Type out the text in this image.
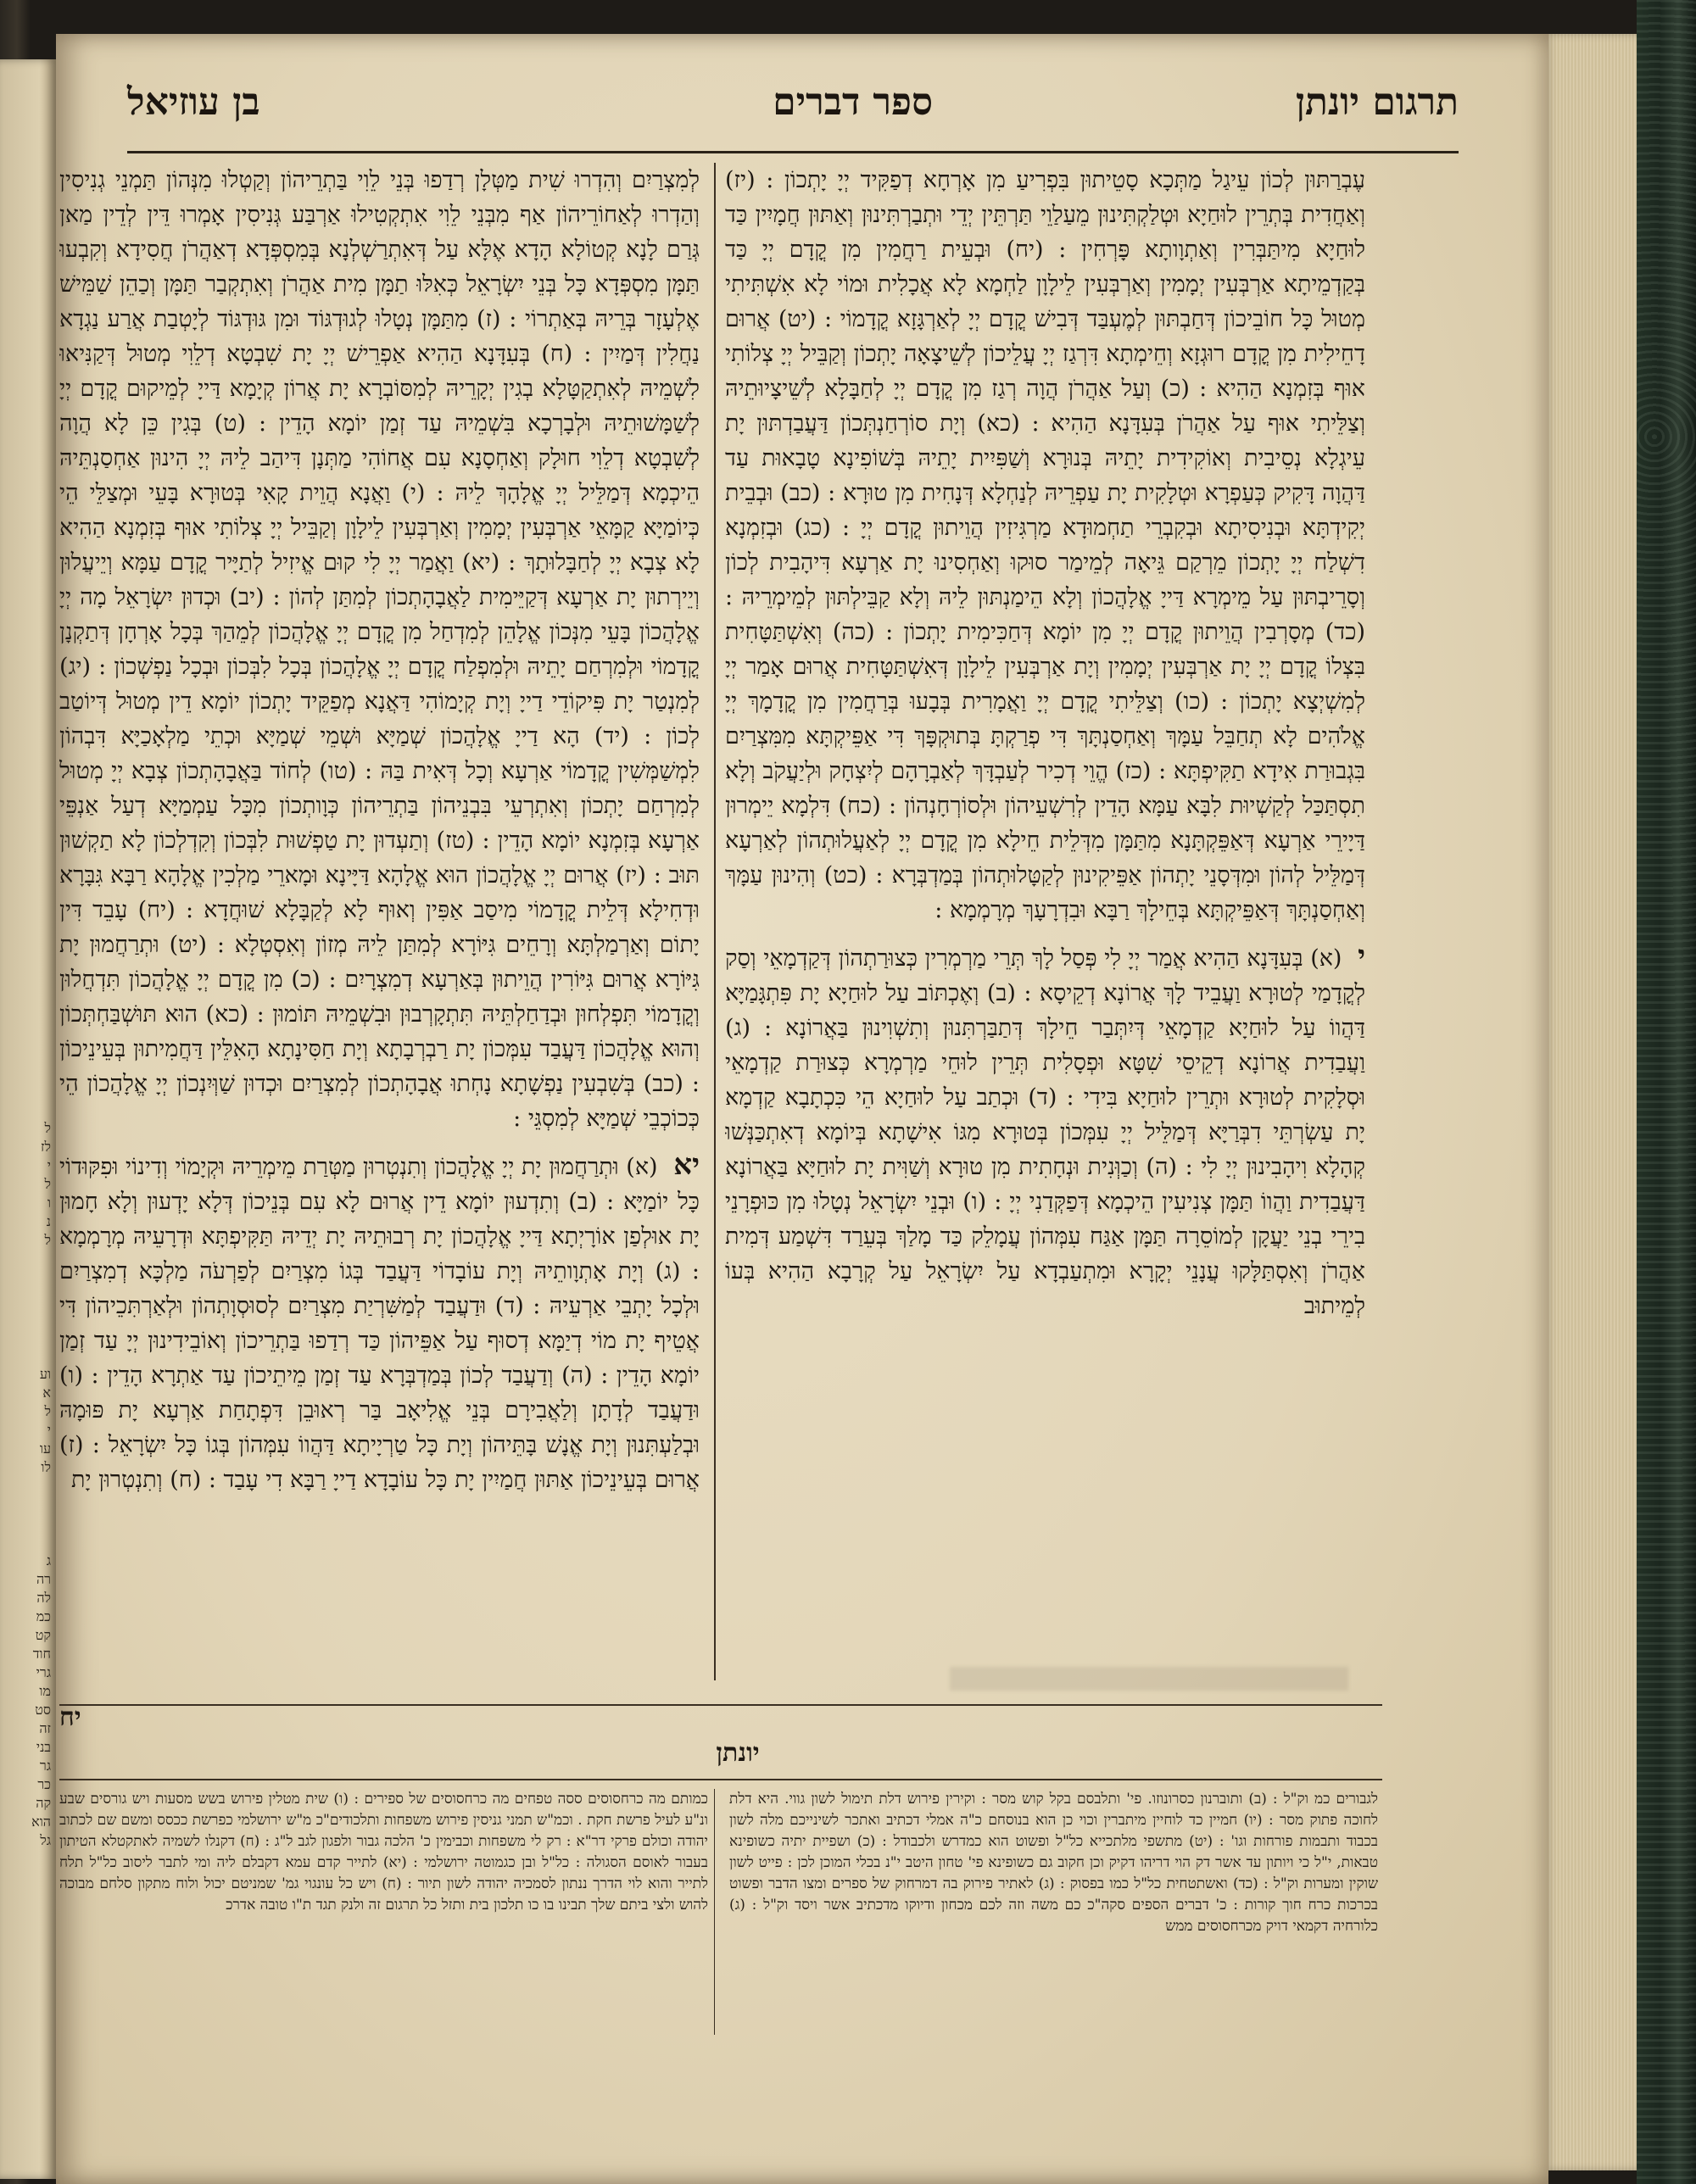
ל
לז
י
ל
ו
נ
ל
וע
א
ל
י
עו
לו
ג
רה
לה
כמ
קט
חוד
גרי
מו
סט
זה
בני
גר
כר
קה
הוא
גל
תרגום יונתן
ספר דברים
בן עוזיאל

עֶבְרַתּוּן לְכוֹן עֵיגַל מַתְּכָא סָטֵיתוּן בִּפְרִיעַ מִן אָרְחָא דְפַקִּיד יְיָ יָתְכוֹן : (יז) וְאַחֲדִית בְּתְרֵין לוּחַיָא וּטְלַקְתִּינוּן מֵעַלַוֵי תַּרְתֵּין יְדֵי וּתְבַרְתִּינוּן וְאַתּוּן חֲמָיִין כַּד לוּחַיָא מִיתַּבְּרִין וְאַתְוָותָא פָּרְחִין : (יח) וּבְעֵית רַחֲמִין מִן קֳדָם יְיָ כַּד בְּקַדְמֵיתָא אַרְבְּעִין יְמָמִין וְאַרְבְּעִין לֵילָוָן לַחְמָא לָא אֲכָלִית וּמוֹי לָא אִשְׁתִּיתִי מְטוּל כָּל חוֹבֵיכוֹן דְּחַבְתּוּן לְמֶעְבַּד דְּבִישׁ קֳדָם יְיָ לְאַרְגָּזָא קֳדָמוֹי : (יט) אֲרוּם דָחֵילִית מִן קֳדָם רוּגְזָא וְחֵימְתָא דִּרְגַז יְיָ עֲלֵיכוֹן לְשֵׁיצָאָה יָתְכוֹן וְקַבֵּיל יְיָ צְלוֹתִי אוּף בְּזִמְנָא הַהִיא : (כ) וְעַל אַהֲרֹן הֲוָה רְגַז מִן קֳדָם יְיָ לְחַבָּלָא לְשֵׁיצָיוּתֵיהּ וְצַלֵּיתִי אוּף עַל אַהֲרֹן בְּעִדָּנָא הַהִיא : (כא) וְיָת סוֹרְחַנְתְּכוֹן דַּעֲבַדְתּוּן יָת עֵיגְלָא נְסֵיבִית וְאוֹקִידִית יָתֵיהּ בְּנוּרָא וְשַׁפִּיִית יָתֵיהּ בְּשׁוֹפִינָא טָבָאוּת עַד דַּהֲוָה דָּקִיק כְּעַפְרָא וּטְלָקִית יָת עַפְרֵיהּ לְנַחְלָא דְּנָחִית מִן טוּרָא : (כב) וּבְבֵית יְקִידְתָּא וּבְנִיסִיתָא וּבְקִבְרֵי תַחְמוּדָא מַרְגִּיזִין הֲוֵיתוּן קֳדָם יְיָ : (כג) וּבְזִמְנָא דִשְׁלַח יְיָ יָתְכוֹן מֵרְקַם גֵּיאָה לְמֵימַר סוּקוּ וְאַחְסִינוּ יָת אַרְעָא דִּיהָבִית לְכוֹן וְסָרֵיבְתּוּן עַל מֵימְרָא דַּייָ אֱלָהֲכוֹן וְלָא הֵימַנְתּוּן לֵיהּ וְלָא קַבֵּילְתּוּן לְמֵימְרֵיהּ : (כד) מְסָרְבִין הֲוֵיתוּן קֳדָם יְיָ מִן יוֹמָא דְּחַכִּימִית יָתְכוֹן : (כה) וְאִשְׁתַּטָּחִית בִּצְלוֹ קֳדָם יְיָ יָת אַרְבְּעִין יְמָמִין וְיָת אַרְבְּעִין לֵילָוָן דְּאִשְׁתַּטָּחִית אֲרוּם אָמַר יְיָ לְמִשְׁיְצָא יָתְכוֹן : (כו) וְצַלֵּיתִי קֳדָם יְיָ וַאֲמָרִית בְּבָעוּ בְּרַחֲמִין מִן קֳדָמָךְ יְיָ אֱלֹהִים לָא תְחַבֵּל עַמָּךְ וְאַחְסַנְתָּךְ דִּי פְרַקְתָּ בְּתוּקְפָּךְ דִּי אַפֵּיקְתָּא מִמִּצְרַיִם בִּגְבוּרַת אִידָא תַקִּיפְתָּא : (כז) הֱוֵי דְכִיר לְעַבְדָּךְ לְאַבְרָהָם לְיִצְחָק וּלְיַעֲקֹב וְלָא תִסְתַּכַּל לְקַשְׁיוּת לִבָּא עַמָּא הָדֵין לְרִשְׁעֵיהוֹן וּלְסוֹרְחָנְהוֹן : (כח) דִּלְמָא יֵימְרוּן דַּיָירֵי אַרְעָא דְּאַפֵּקְתָּנָא מִתַּמָּן מִדְּלֵית חֵילָא מִן קֳדָם יְיָ לְאַעֲלוּתְהוֹן לְאַרְעָא דְּמַלֵּיל לְהוֹן וּמִדְּסָנֵי יָתְהוֹן אַפֵּיקִינוּן לְקַטָּלוּתְהוֹן בְּמַדְבְּרָא : (כט) וְהִינוּן עַמָּךְ וְאַחְסַנְתָּךְ דְּאַפֵּיקְתָּא בְּחֵילָךְ רַבָּא וּבִדְרָעָךְ מְרָמְמָא :

י (א) בְּעִדָּנָא הַהִיא אֲמַר יְיָ לִי פְּסַל לָךְ תְּרֵי מַרְמְרִין כְּצוּרַתְהוֹן דְּקַדְמָאֵי וְסַק לְקֳדָמַי לְטוּרָא וַעֲבֵיד לָךְ אֲרוֹנָא דְקֵיסָא : (ב) וְאֶכְתּוֹב עַל לוּחַיָא יָת פִּתְגָּמַיָּא דַּהֲווֹ עַל לוּחַיָא קַדְמָאֵי דְּיִתְּבַר חֵילָךְ דְּתַבַּרְתִּנוּן וְתִשְׁוִינוּן בַּאֲרוֹנָא : (ג) וַעֲבַדִית אֲרוֹנָא דְקֵיסֵי שִׁטָּא וּפְסָלִית תְּרֵין לוּחֵי מַרְמְרָא כְּצוּרַת קַדְמָאֵי וּסְלָקִית לְטוּרָא וּתְרֵין לוּחַיָא בִּידִי : (ד) וּכְתַב עַל לוּחַיָא הֵי כִּכְתָבָא קַדְמָא יָת עַשְׂרְתֵּי דִבְּרַיָּא דְּמַלֵּיל יְיָ עִמְּכוֹן בְּטוּרָא מִגּוֹ אִישָׁתָא בְּיוֹמָא דְאִתְכַּנְּשׁוּ קְהָלָא וִיהָבִינוּן יְיָ לִי : (ה) וְכַוְּנִית וּנְחָתִית מִן טוּרָא וְשַׁוִּית יָת לוּחַיָּא בַּאֲרוֹנָא דַּעֲבַדִית וַהֲווֹ תַּמָּן צְנִיעִין הֵיכְמָא דְּפַקְּדַנִי יְיָ : (ו) וּבְנֵי יִשְׂרָאֵל נְטָלוּ מִן כּוּפְרָנֵי בִירֵי בְנֵי יַעֲקָן לְמוֹסֵרָה תַּמָּן אַגַּח עִמְּהוֹן עֲמָלֵק כַּד מָלַךְ בְּעֵרַד דִּשְׁמַע דְּמִית אַהֲרֹן וְאִסְתַּלָּקוּ עֲנָנֵי יְקָרָא וּמִתְעַבְדָא עַל יִשְׂרָאֵל עַל קְרָבָא הַהִיא בְּעוֹ לְמֵיתוּב

לְמִצְרַיִם וְהִדְרוּ שִׁית מַטְּלָן רְדַפוּ בְּנֵי לֵוִי בַּתְרֵיהוֹן וְקַטְלוּ מִנְּהוֹן תַּמְנֵי גְנִיסִין וְהַדְרוּ לְאַחוֹרֵיהוֹן אַף מִבְּנֵי לֵוִי אִתְקְטִילוּ אַרְבַּע גְּנִיסִין אָמְרוּ דֵּין לְדֵין מַאן גְּרַם לָנָא קְטוֹלָא הָדָא אֶלָּא עַל דְּאִתְרַשְׁלְנָא בְּמִסְפְּדָא דְאַהֲרֹן חֲסִידָא וְקִבְעוּ תַּמָּן מִסְפְּדָא כָּל בְּנֵי יִשְׂרָאֵל כְּאִלּוּ תַמָּן מִית אַהֲרֹן וְאִתְקְבַר תַּמָּן וְכַהֵן שַׁמֵּישׁ אֶלְעָזָר בְּרֵיהּ בְּאַתְרוֹי : (ז) מִתַּמָּן נְטָלוּ לְגוּדְגּוֹד וּמִן גּוּדְגּוֹד לְיָטְבַת אֲרַע נַגְדָא נַחֲלִין דְּמַיִין : (ח) בְּעִדָּנָא הַהִיא אַפְרֵישׁ יְיָ יָת שִׁבְטָא דְלֵוִי מְטוּל דְּקַנִּיאוּ לִשְׁמֵיהּ לְאִתְקַטָּלָא בְגִין יְקָרֵיהּ לְמִסּוֹבְרָא יָת אֲרוֹן קְיָמָא דַּייָ לְמֵיקוּם קֳדָם יְיָ לְשַׁמָּשׁוּתֵיהּ וּלְבָרְכָא בִּשְׁמֵיהּ עַד זְמַן יוֹמָא הָדֵין : (ט) בְּגִין כֵּן לָא הֲוָה לְשִׁבְטָא דְלֵוִי חוּלָק וְאַחְסָנָא עִם אֲחוֹהִי מַתְּנָן דִּיהַב לֵיהּ יְיָ הִינוּן אַחְסַנְתֵּיהּ הֵיכְמָא דְּמַלֵּיל יְיָ אֱלָהָךְ לֵיהּ : (י) וַאֲנָא הֲוֵית קָאִי בְּטוּרָא בָּעֵי וּמְצַלֵּי הֵי כְּיוֹמַיָּא קַמָּאֵי אַרְבְּעִין יְמָמִין וְאַרְבְּעִין לֵילָוָן וְקַבֵּיל יְיָ צְלוֹתִי אוּף בְּזִמְנָא הַהִיא לָא צְבָא יְיָ לְחַבָּלוּתָךְ : (יא) וַאֲמַר יְיָ לִי קוּם אֱיזִיל לְתַיָּיר קֳדָם עַמָּא וְיֵיעֲלוּן וְיֵירְתוּן יָת אַרְעָא דְּקַיֵּימִית לַאֲבָהָתְכוֹן לְמִתַּן לְהוֹן : (יב) וּכְדוּן יִשְׂרָאֵל מָה יְיָ אֱלָהֲכוֹן בָּעֵי מִנְּכוֹן אֱלָהֵן לְמִדְחַל מִן קֳדָם יְיָ אֱלָהֲכוֹן לְמֵהַךְ בְּכָל אָרְחָן דְּתַקְנָן קֳדָמוֹי וּלְמִרְחַם יָתֵיהּ וּלְמִפְלַח קֳדָם יְיָ אֱלָהֲכוֹן בְּכָל לִבְּכוֹן וּבְכָל נַפְשְׁכוֹן : (יג) לְמִנְטַר יָת פִּיקוֹדֵי דַייָ וְיָת קְיָמוֹהִי דַּאֲנָא מְפַקֵּיד יָתְכוֹן יוֹמָא דֵין מְטוּל דְּיוֹטַב לְכוֹן : (יד) הָא דַייָ אֱלָהֲכוֹן שְׁמַיָּא וּשְׁמֵי שְׁמַיָּא וּכְתֵי מַלְאָכַיָּא דִּבְהוֹן לִמְשַׁמְּשִׁין קֳדָמוֹי אַרְעָא וְכָל דְּאִית בַּהּ : (טו) לְחוֹד בַּאֲבָהָתְכוֹן צְבָא יְיָ מְטוּל לְמִרְחַם יָתְכוֹן וְאִתְרְעֵי בִּבְנֵיהוֹן בַּתְרֵיהוֹן כְּוָותְכוֹן מִכָּל עַמְמַיָּא דְעַל אַנְפֵּי אַרְעָא בְּזִמְנָא יוֹמָא הָדֵין : (טז) וְתַעְדוּן יָת טַפְשׁוּת לִבְּכוֹן וְקִדְלְכוֹן לָא תַקְשׁוּן תּוּב : (יז) אֲרוּם יְיָ אֱלָהֲכוֹן הוּא אֱלָהָא דַּיָּינָא וּמָארֵי מַלְכִין אֱלָהָא רַבָּא גִּבָּרָא וּדְחִילָא דְּלֵית קֳדָמוֹי מִיסַב אַפִּין וְאוּף לָא לְקַבָּלָא שׁוּחֲדָא : (יח) עָבֵד דִּין יָתוֹם וְאַרְמַלְתָּא וְרָחֵים גִּיּוֹרָא לְמִתַּן לֵיהּ מְזוֹן וְאִסְטְלָא : (יט) וּתְרַחֲמוּן יָת גִּיּוֹרָא אֲרוּם גִּיּוֹרִין הֲוֵיתוּן בְּאַרְעָא דְמִצְרָיִם : (כ) מִן קֳדָם יְיָ אֱלָהֲכוֹן תִּדְחֲלוּן וְקֳדָמוֹי תִּפְלְחוּן וּבְדַחַלְתֵּיהּ תִּתְקָרְבוּן וּבִשְׁמֵיהּ תּוֹמוּן : (כא) הוּא תּוּשְׁבַּחְתְּכוֹן וְהוּא אֱלָהֲכוֹן דַּעֲבַד עִמְּכוֹן יָת רַבְרְבָתָא וְיָת חַסִּינָתָא הָאִלֵּין דַּחֲמִיתוּן בְּעֵינֵיכוֹן : (כב) בְּשִׁבְעִין נַפְשָׁתָא נָחְתוּ אֲבָהָתְכוֹן לְמִצְרַיִם וּכְדוּן שַׁוְּיִנְכוֹן יְיָ אֱלָהֲכוֹן הֵי כְּכוֹכְבֵי שְׁמַיָּא לְמִסְגֵּי :

יא (א) וּתְרַחֲמוּן יָת יְיָ אֱלָהֲכוֹן וְתִנְטְרוּן מַטְּרַת מֵימְרֵיהּ וּקְיָמוֹי וְדִינוֹי וּפִקּוּדוֹי כָּל יוֹמַיָּא : (ב) וְתִדְעוּן יוֹמָא דֵין אֲרוּם לָא עִם בְּנֵיכוֹן דְּלָא יָדְעוּן וְלָא חָמוּן יָת אוּלְפַן אוֹרָיְתָא דַּייָ אֱלָהֲכוֹן יָת רְבוּתֵיהּ יָת יְדֵיהּ תַּקִּיפְתָּא וּדְרָעֵיהּ מְרָמְמָא : (ג) וְיָת אָתְוָותֵיהּ וְיָת עוֹבָדוֹי דַּעֲבַד בְּגוֹ מִצְרַיִם לְפַרְעֹה מַלְכָּא דְמִצְרַיִם וּלְכָל יָתְבֵי אַרְעֵיהּ : (ד) וּדַעֲבַד לְמַשִּׁרְיַת מִצְרַיִם לְסוּסְוָתְהוֹן וּלְאַרְתִּכֵיהוֹן דִּי אֲטֵיף יָת מוֹי דְיַמָּא דְסוּף עַל אַפֵּיהוֹן כַּד רְדַפוּ בַּתְרֵיכוֹן וְאוֹבֵידִינוּן יְיָ עַד זְמַן יוֹמָא הָדֵין : (ה) וְדַעֲבַד לְכוֹן בְּמַדְבְּרָא עַד זְמַן מֵיתֵיכוֹן עַד אַתְרָא הָדֵין : (ו) וּדַעֲבַד לְדָתָן וְלַאֲבִירָם בְּנֵי אֱלִיאָב בַּר רְאוּבֵן דִּפְתָחַת אַרְעָא יָת פּוּמָהּ וּבְלַעְתִּנוּן וְיָת אֱנָשׁ בָּתֵּיהוֹן וְיָת כָּל טַרְיָיתָא דַּהֲווֹ עִמְּהוֹן בְּגוֹ כָּל יִשְׂרָאֵל : (ז) אֲרוּם בְּעֵינֵיכוֹן אַתּוּן חֲמַיִין יָת כָּל עוֹבָדָא דַייָ רַבָּא דִי עָבַד : (ח) וְתִנְטְרוּן יָת

יח
יונתן
לגבורים כמ וק"ל : (ב) ותוברנון כסרונוזו. פי' ותלבסם בקל קוש מסר : וקירין פירוש דלת תימול לשון גווי. היא דלת לחוכה פתוק מסר : (יו) חמיין כד לוחיין מיתברין וכוי כן הוא בנוסחם כ"ה אמלי דכתיב ואתכר לשינייכם מלה לשון בכבוד ותבמות פורחות וגו' : (יט) מתשפי מלתכייא כל"ל ופשוט הוא כמדרש ולכבודל : (כ) ושפיית יתיה כשופינא טבאות, י"ל כי ויותון עד אשר דק הוי דריהו דקיק וכן חקוב גם כשופינא פי' טחון היטב י"נ בכלי המוכן לכן : פייט לשון שוקין ומערות וק"ל : (כד) ואשתטחית כל"ל כמו בפסוק : (ג) לאתיר פירוק בה דמרחוק של ספרים ומצו הדבר ופשוט בכרכות כרח חוך קורות : כ' דברים הספים סקה"כ כם משה וזה לכם מכחון ודיוקו מדכתיב אשר ויסד וק"ל : (ג) כלורחיה דקמאי דויק מכרחסוסים ממש
כמותם מה כרחסוסים ססה טפחים מה כרחסוסים של ספירים : (ו) שית מטלין פירוש בשש מסעות ויש גורסים שבע ונ"ע לעיל פרשת חקת . וכמ"ש תמני גניסין פירוש משפחות ותלכודים"כ מ"ש ירושלמי כפרשת ככסס ומשם שם לכתוב יהודה וכולם פרקי דר"א : רק לי משפחות וכבימין כ' הלכה גבור ולפגון לגב ל"ג : (ח) דקנלו לשמיה לאתקטלא הטיתון בעבור לאוסם הסגולה : כל"ל ובן כגמוטה ירושלמי : (יא) לתייר קדם עמא דקבלם ליה ומי לתבר ליסוב כל"ל תלח לתייר והוא לוי הדרך ננתון לסמכיה יהודה לשון תיור : (ח) ויש כל עונגוי גמ' שמניטם יכול ולוח מתקון סלחם מבוכה להוש ולצי ביתם שלך תבינו בו כו תלכון בית ותזל כל תרגום זה ולנק תגד ת"ו טובה אדרכ
